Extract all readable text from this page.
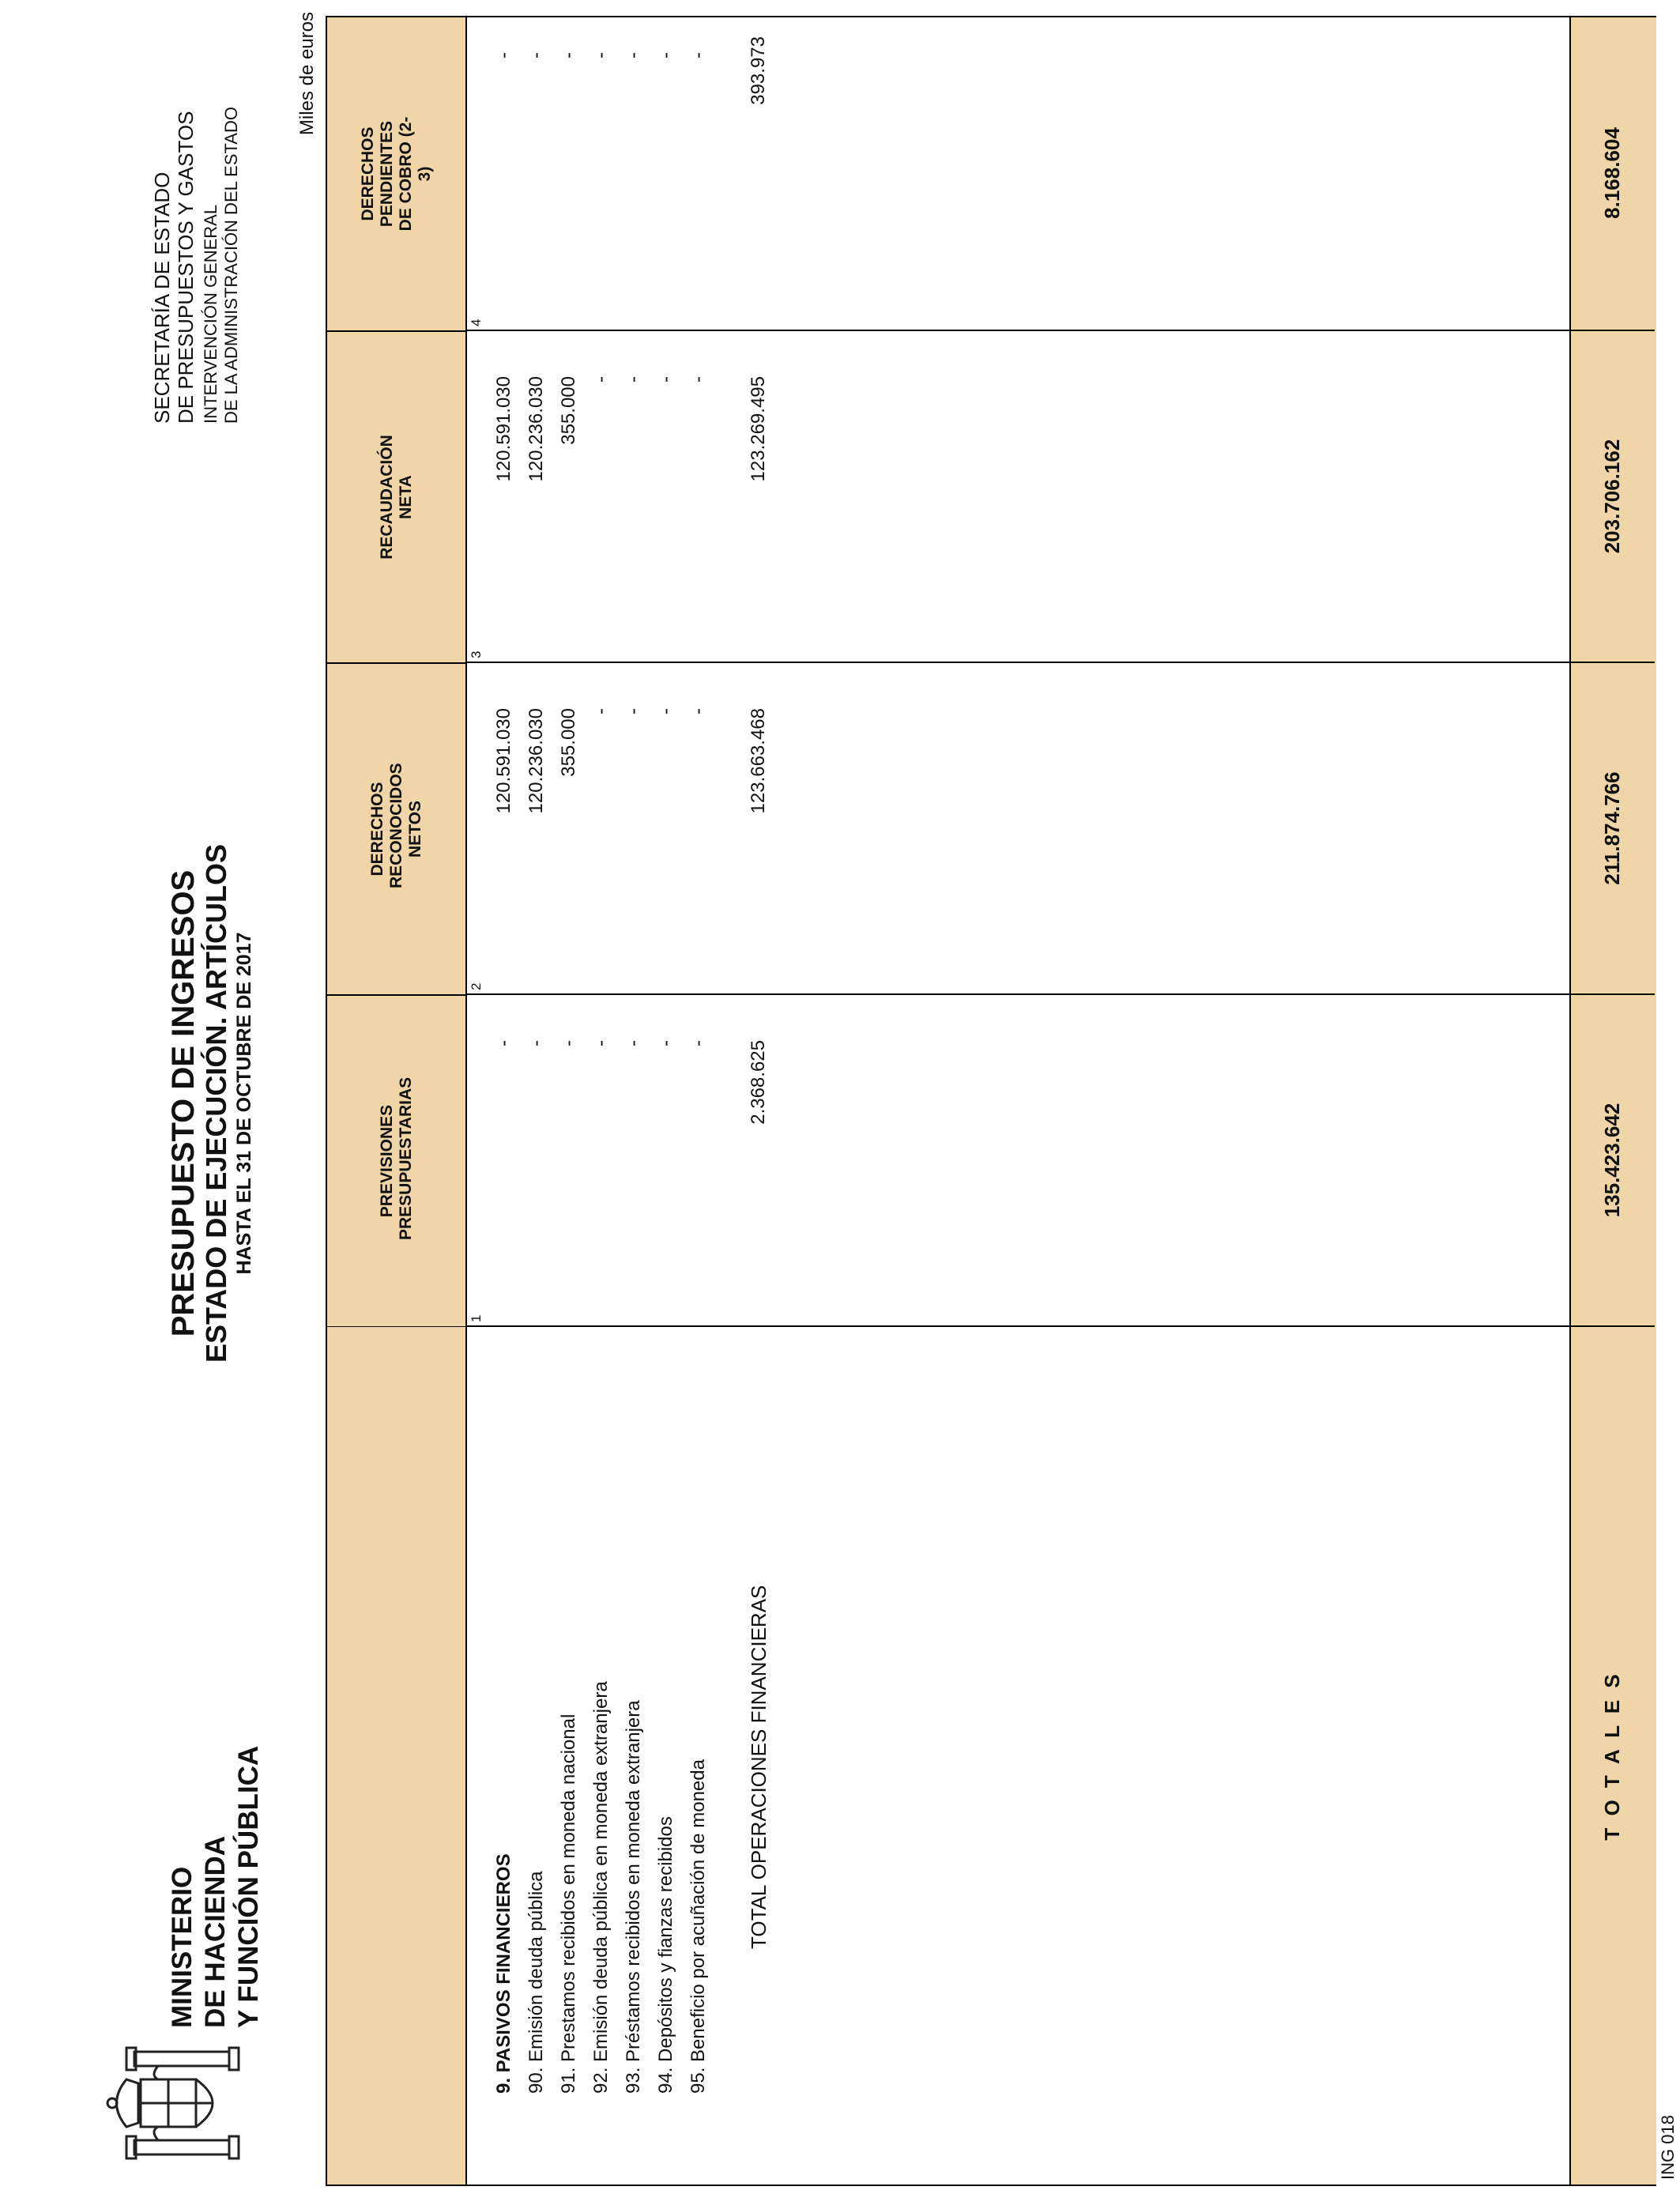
MINISTERIO DE HACIENDA Y FUNCIÓN PÚBLICA
PRESUPUESTO DE INGRESOS ESTADO DE EJECUCIÓN. ARTÍCULOS HASTA EL 31 DE OCTUBRE DE 2017
SECRETARÍA DE ESTADO DE PRESUPUESTOS Y GASTOS INTERVENCIÓN GENERAL DE LA ADMINISTRACIÓN DEL ESTADO
Miles de euros
PREVISIONES PRESUPUESTARIAS
DERECHOS RECONOCIDOS NETOS
RECAUDACIÓN NETA
DERECHOS PENDIENTES DE COBRO (2-3)
1
2
3
4
9. PASIVOS FINANCIEROS 90. Emisión deuda pública 91. Prestamos recibidos en moneda nacional 92. Emisión deuda pública en moneda extranjera 93. Préstamos recibidos en moneda extranjera 94. Depósitos y fianzas recibidos 95. Beneficio por acuñación de moneda TOTAL OPERACIONES FINANCIERAS
- - - - - - - 2.368.625
120.591.030 120.236.030 355.000 - - - - 123.663.468
120.591.030 120.236.030 355.000 - - - - 123.269.495
- - - - - - - 393.973
T O T A L E S
135.423.642
211.874.766
203.706.162
8.168.604
ING 018
